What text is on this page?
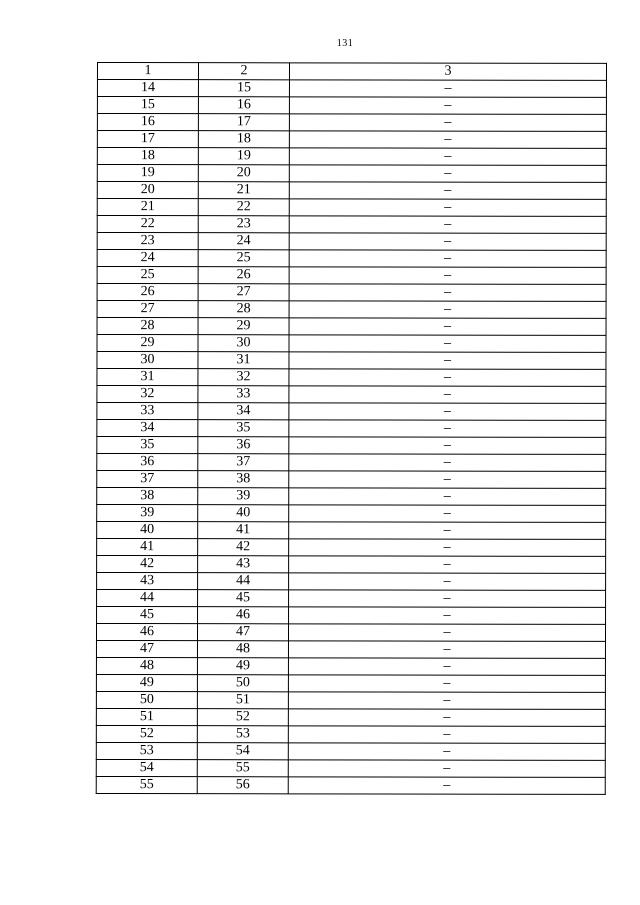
131
1	2	3
14	15	–
15	16	–
16	17	–
17	18	–
18	19	–
19	20	–
20	21	–
21	22	–
22	23	–
23	24	–
24	25	–
25	26	–
26	27	–
27	28	–
28	29	–
29	30	–
30	31	–
31	32	–
32	33	–
33	34	–
34	35	–
35	36	–
36	37	–
37	38	–
38	39	–
39	40	–
40	41	–
41	42	–
42	43	–
43	44	–
44	45	–
45	46	–
46	47	–
47	48	–
48	49	–
49	50	–
50	51	–
51	52	–
52	53	–
53	54	–
54	55	–
55	56	–
